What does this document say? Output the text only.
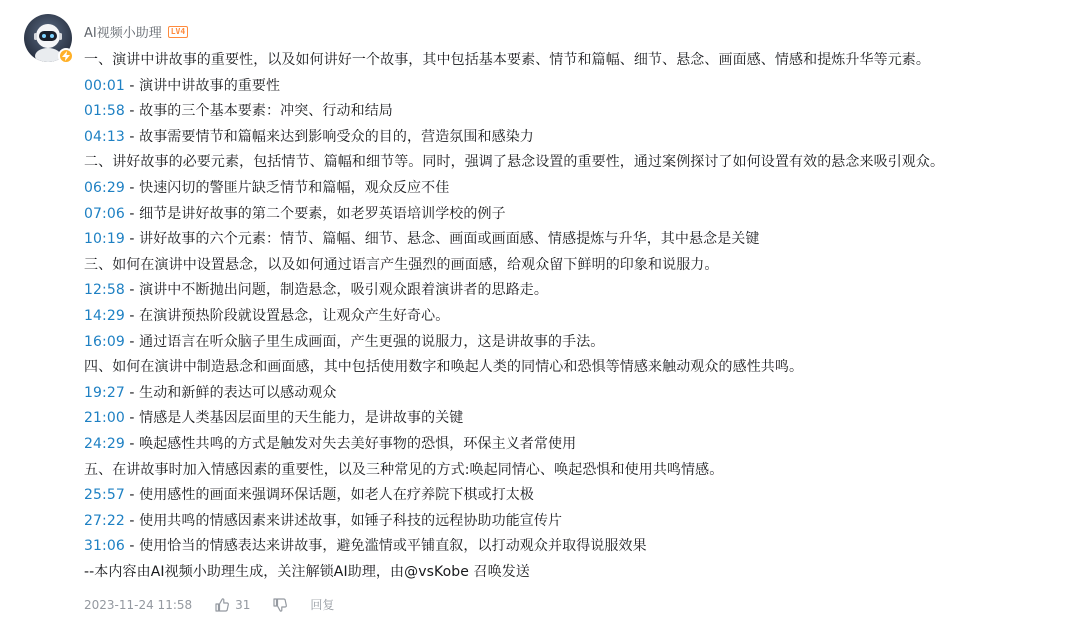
AI视频小助理	LV4
一、演讲中讲故事的重要性，以及如何讲好一个故事，其中包括基本要素、情节和篇幅、细节、悬念、画面感、情感和提炼升华等元素。
00:01 - 演讲中讲故事的重要性
01:58 - 故事的三个基本要素：冲突、行动和结局
04:13 - 故事需要情节和篇幅来达到影响受众的目的，营造氛围和感染力
二、讲好故事的必要元素，包括情节、篇幅和细节等。同时，强调了悬念设置的重要性，通过案例探讨了如何设置有效的悬念来吸引观众。
06:29 - 快速闪切的警匪片缺乏情节和篇幅，观众反应不佳
07:06 - 细节是讲好故事的第二个要素，如老罗英语培训学校的例子
10:19 - 讲好故事的六个元素：情节、篇幅、细节、悬念、画面或画面感、情感提炼与升华，其中悬念是关键
三、如何在演讲中设置悬念，以及如何通过语言产生强烈的画面感，给观众留下鲜明的印象和说服力。
12:58 - 演讲中不断抛出问题，制造悬念，吸引观众跟着演讲者的思路走。
14:29 - 在演讲预热阶段就设置悬念，让观众产生好奇心。
16:09 - 通过语言在听众脑子里生成画面，产生更强的说服力，这是讲故事的手法。
四、如何在演讲中制造悬念和画面感，其中包括使用数字和唤起人类的同情心和恐惧等情感来触动观众的感性共鸣。
19:27 - 生动和新鲜的表达可以感动观众
21:00 - 情感是人类基因层面里的天生能力，是讲故事的关键
24:29 - 唤起感性共鸣的方式是触发对失去美好事物的恐惧，环保主义者常使用
五、在讲故事时加入情感因素的重要性，以及三种常见的方式:唤起同情心、唤起恐惧和使用共鸣情感。
25:57 - 使用感性的画面来强调环保话题，如老人在疗养院下棋或打太极
27:22 - 使用共鸣的情感因素来讲述故事，如锤子科技的远程协助功能宣传片
31:06 - 使用恰当的情感表达来讲故事，避免滥情或平铺直叙，以打动观众并取得说服效果
--本内容由AI视频小助理生成，关注解锁AI助理，由@vsKobe 召唤发送
2023-11-24 11:58	31	回复
